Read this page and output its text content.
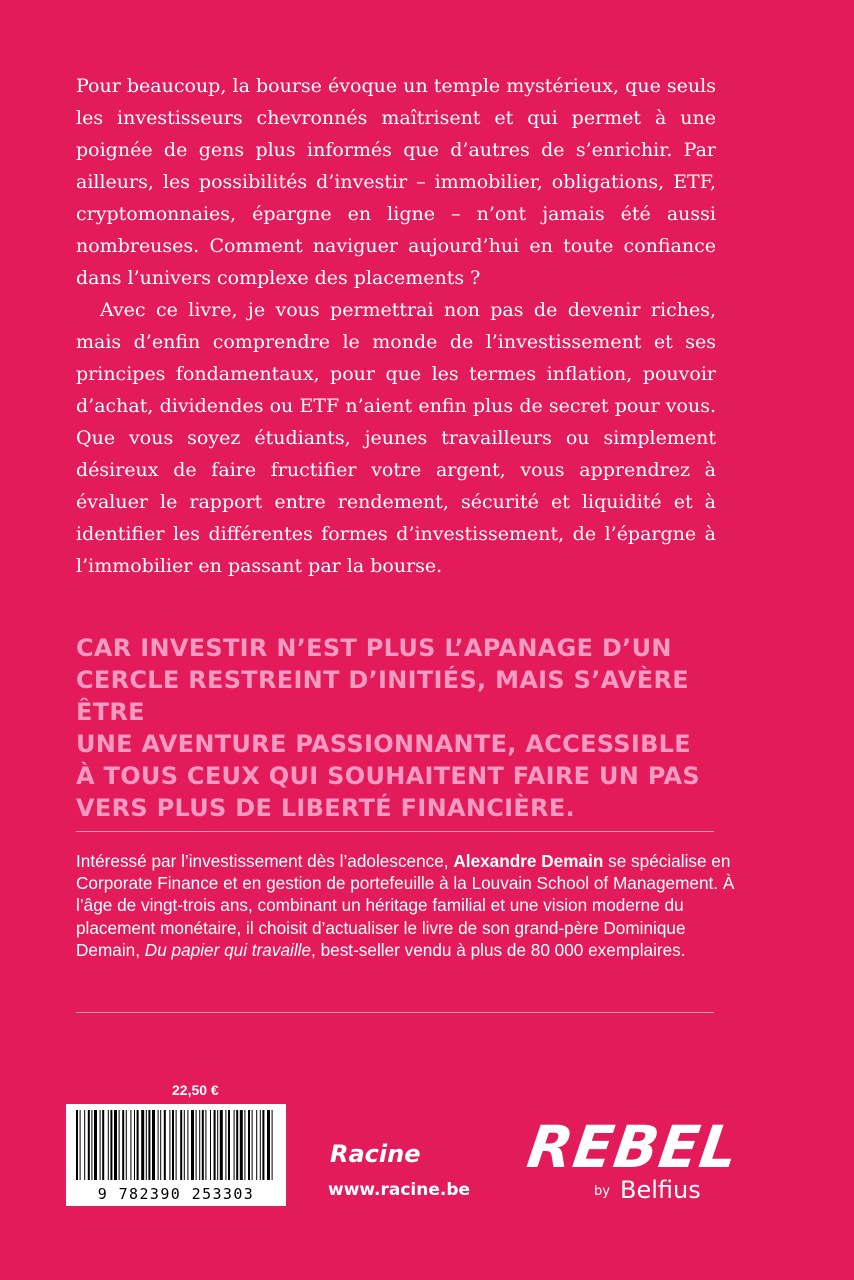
Pour beaucoup, la bourse évoque un temple mystérieux, que seuls les investisseurs chevronnés maîtrisent et qui permet à une poignée de gens plus informés que d’autres de s’enrichir. Par ailleurs, les possibilités d’investir – immobilier, obligations, ETF, cryptomonnaies, épargne en ligne – n’ont jamais été aussi nombreuses. Comment naviguer aujourd’hui en toute confiance dans l’univers complexe des placements ?

Avec ce livre, je vous permettrai non pas de devenir riches, mais d’enfin comprendre le monde de l’investissement et ses principes fondamentaux, pour que les termes inflation, pouvoir d’achat, dividendes ou ETF n’aient enfin plus de secret pour vous. Que vous soyez étudiants, jeunes travailleurs ou simplement désireux de faire fructifier votre argent, vous apprendrez à évaluer le rapport entre rendement, sécurité et liquidité et à identifier les différentes formes d’investissement, de l’épargne à l’immobilier en passant par la bourse.

CAR INVESTIR N’EST PLUS L’APANAGE D’UN
CERCLE RESTREINT D’INITIÉS, MAIS S’AVÈRE ÊTRE
UNE AVENTURE PASSIONNANTE, ACCESSIBLE
À TOUS CEUX QUI SOUHAITENT FAIRE UN PAS
VERS PLUS DE LIBERTÉ FINANCIÈRE.

Intéressé par l’investissement dès l’adolescence, Alexandre Demain se spécialise en Corporate Finance et en gestion de portefeuille à la Louvain School of Management. À l’âge de vingt-trois ans, combinant un héritage familial et une vision moderne du placement monétaire, il choisit d’actualiser le livre de son grand-père Dominique Demain, Du papier qui travaille, best-seller vendu à plus de 80 000 exemplaires.

22,50 €
9 782390 253303
Racine
www.racine.be
REBEL
by Belfius
